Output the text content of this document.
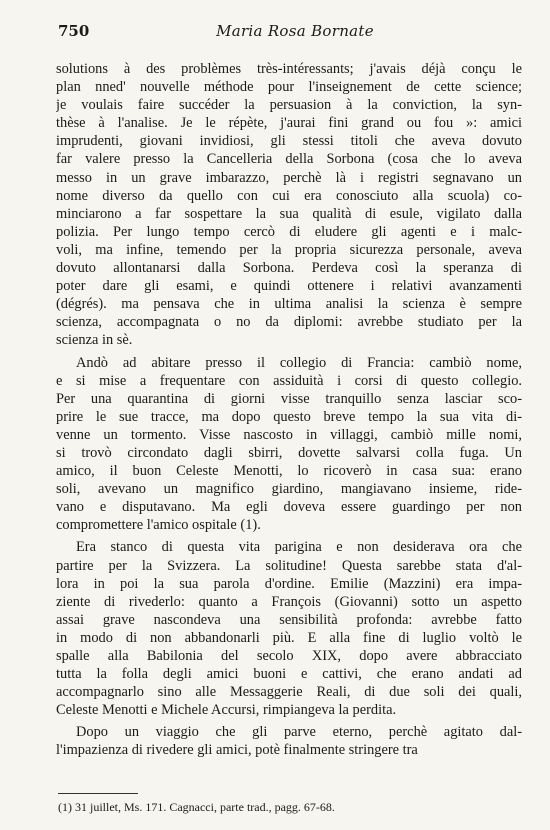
750	Maria Rosa Bornate
solutions à des problèmes très-intéressants; j'avais déjà conçu le
plan nned' nouvelle méthode pour l'inseignement de cette science;
je voulais faire succéder la persuasion à la conviction, la syn-
thèse à l'analise. Je le répète, j'aurai fini grand ou fou »: amici
imprudenti, giovani invidiosi, gli stessi titoli che aveva dovuto
far valere presso la Cancelleria della Sorbona (cosa che lo aveva
messo in un grave imbarazzo, perchè là i registri segnavano un
nome diverso da quello con cui era conosciuto alla scuola) co-
minciarono a far sospettare la sua qualità di esule, vigilato dalla
polizia. Per lungo tempo cercò di eludere gli agenti e i malc-
voli, ma infine, temendo per la propria sicurezza personale, aveva
dovuto allontanarsi dalla Sorbona. Perdeva così la speranza di
poter dare gli esami, e quindi ottenere i relativi avanzamenti
(dégrés). ma pensava che in ultima analisi la scienza è sempre
scienza, accompagnata o no da diplomi: avrebbe studiato per la
scienza in sè.
Andò ad abitare presso il collegio di Francia: cambiò nome,
e si mise a frequentare con assiduità i corsi di questo collegio.
Per una quarantina di giorni visse tranquillo senza lasciar sco-
prire le sue tracce, ma dopo questo breve tempo la sua vita di-
venne un tormento. Visse nascosto in villaggi, cambiò mille nomi,
si trovò circondato dagli sbirri, dovette salvarsi colla fuga. Un
amico, il buon Celeste Menotti, lo ricoverò in casa sua: erano
soli, avevano un magnifico giardino, mangiavano insieme, ride-
vano e disputavano. Ma egli doveva essere guardingo per non
compromettere l'amico ospitale (1).
Era stanco di questa vita parigina e non desiderava ora che
partire per la Svizzera. La solitudine! Questa sarebbe stata d'al-
lora in poi la sua parola d'ordine. Emilie (Mazzini) era impa-
ziente di rivederlo: quanto a François (Giovanni) sotto un aspetto
assai grave nascondeva una sensibilità profonda: avrebbe fatto
in modo di non abbandonarli più. E alla fine di luglio voltò le
spalle alla Babilonia del secolo XIX, dopo avere abbracciato
tutta la folla degli amici buoni e cattivi, che erano andati ad
accompagnarlo sino alle Messaggerie Reali, di due soli dei quali,
Celeste Menotti e Michele Accursi, rimpiangeva la perdita.
Dopo un viaggio che gli parve eterno, perchè agitato dal-
l'impazienza di rivedere gli amici, potè finalmente stringere tra
(1) 31 juillet, Ms. 171. Cagnacci, parte trad., pagg. 67-68.
